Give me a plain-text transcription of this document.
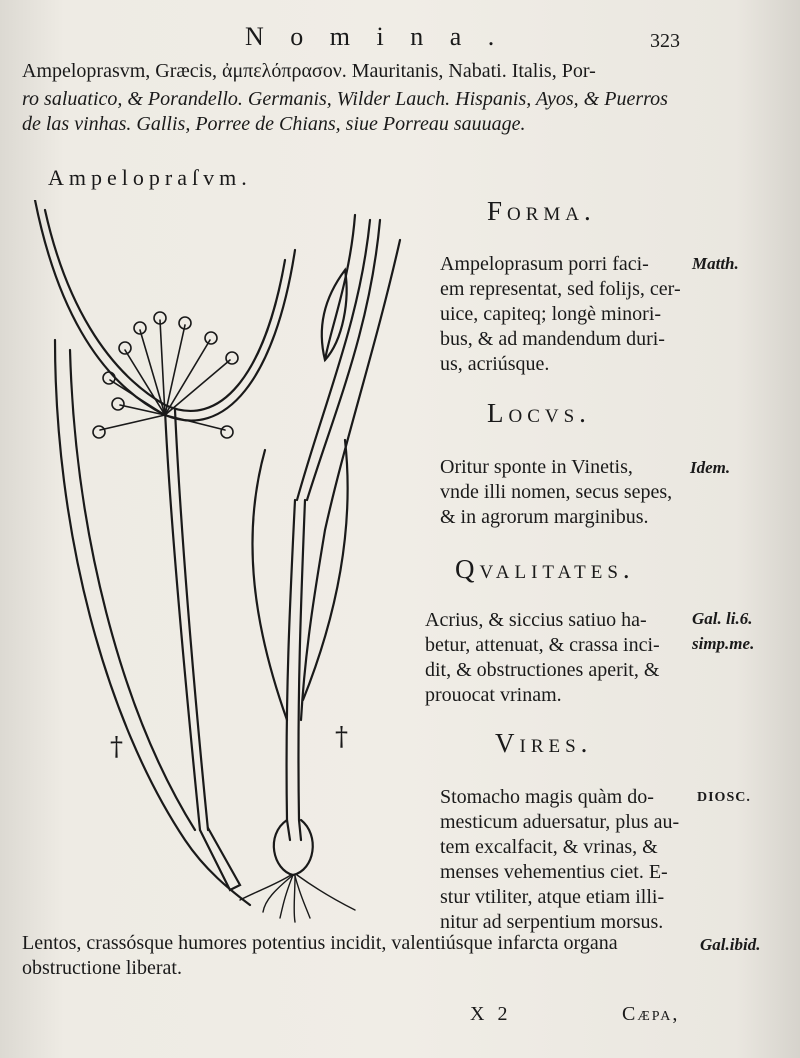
N o m i n a .	323
Ampeloprasvm, Græcis, ἀμπελόπρασον. Mauritanis, Nabati. Italis, Por-
ro saluatico, & Porandello. Germanis, Wilder Lauch. Hispanis, Ayos, & Puerros
de las vinhas. Gallis, Porree de Chians, siue Porreau sauuage.
Ampelopraſvm.
†	†
Forma.
Ampeloprasum porri faci-
em representat, sed folijs, cer-
uice, capiteq; longè minori-
bus, & ad mandendum duri-
us, acriúsque.
Matth.
Locvs.
Oritur sponte in Vinetis,
vnde illi nomen, secus sepes,
& in agrorum marginibus.
Idem.
Qvalitates.
Acrius, & siccius satiuo ha-
betur, attenuat, & crassa inci-
dit, & obstructiones aperit, &
prouocat vrinam.
Gal. li.6.
simp.me.
Vires.
Stomacho magis quàm do-
mesticum aduersatur, plus au-
tem excalfacit, & vrinas, &
menses vehementius ciet. E-
stur vtiliter, atque etiam illi-
nitur ad serpentium morsus.
DIOSC.
Lentos, crassósque humores potentius incidit, valentiúsque infarcta organa
obstructione liberat.
Gal.ibid.
X 2	Cæpa,
